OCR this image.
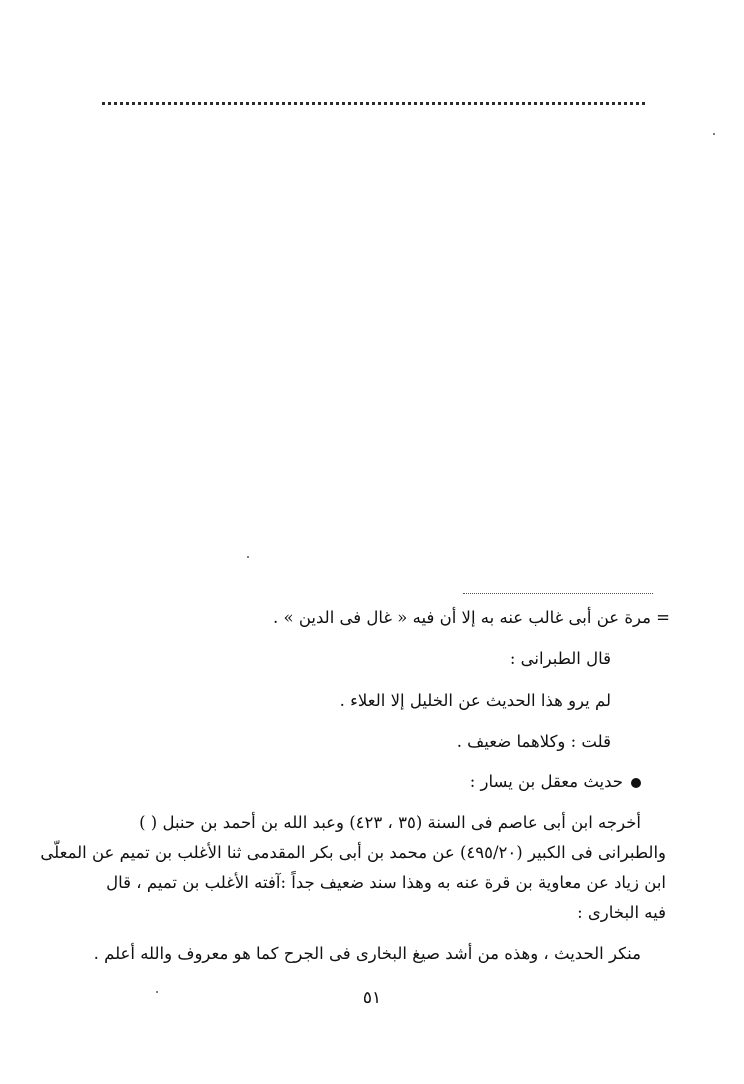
= مرة عن أبى غالب عنه به إلا أن فيه « غال فى الدين » .
قال الطبرانى :
لم يرو هذا الحديث عن الخليل إلا العلاء .
قلت : وكلاهما ضعيف .
حديث معقل بن يسار :
أخرجه ابن أبى عاصم فى السنة (٣٥ ، ٤٢٣) وعبد الله بن أحمد بن حنبل ( )
والطبرانى فى الكبير (٤٩٥/٢٠) عن محمد بن أبى بكر المقدمى ثنا الأغلب بن تميم عن المعلّى
ابن زياد عن معاوية بن قرة عنه به وهذا سند ضعيف جداً :آفته الأغلب بن تميم ، قال
فيه البخارى :
منكر الحديث ، وهذه من أشد صيغ البخارى فى الجرح كما هو معروف والله أعلم .
٥١
